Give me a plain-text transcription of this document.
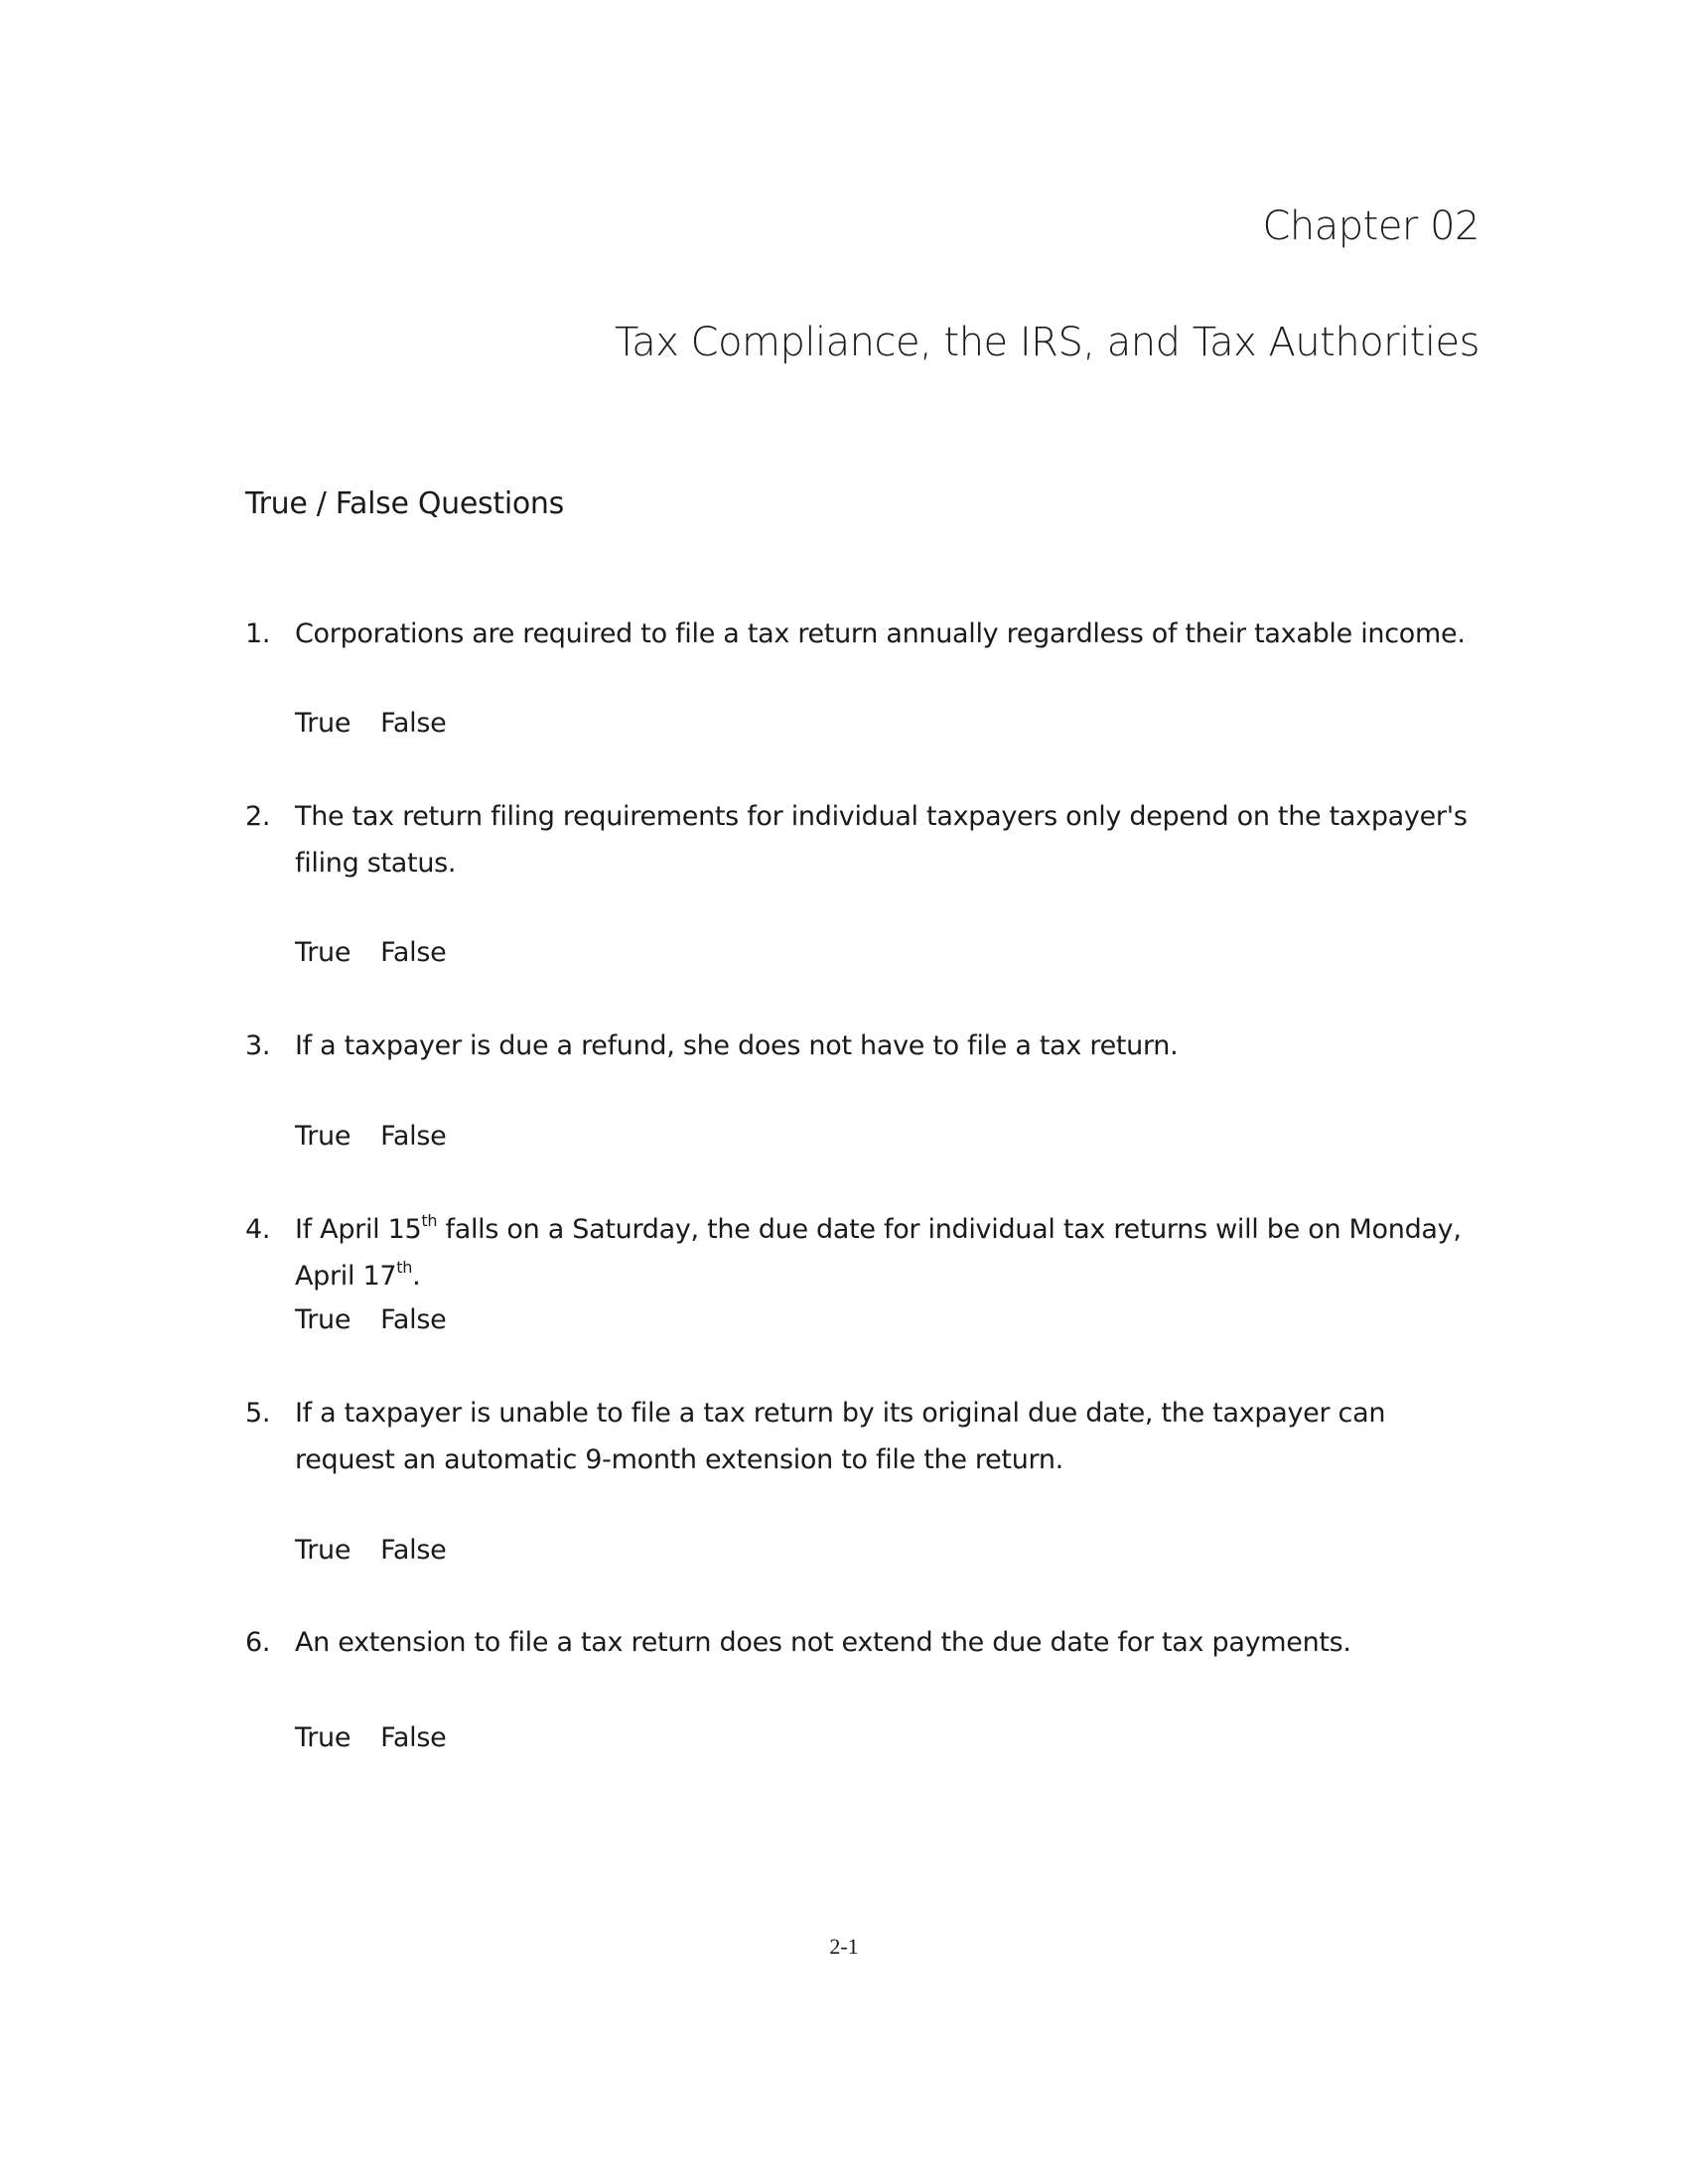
Chapter 02
Tax Compliance, the IRS, and Tax Authorities
True / False Questions
1. Corporations are required to file a tax return annually regardless of their taxable income.
True False
2. The tax return filing requirements for individual taxpayers only depend on the taxpayer's filing status.
True False
3. If a taxpayer is due a refund, she does not have to file a tax return.
True False
4. If April 15th falls on a Saturday, the due date for individual tax returns will be on Monday, April 17th.
True False
5. If a taxpayer is unable to file a tax return by its original due date, the taxpayer can request an automatic 9-month extension to file the return.
True False
6. An extension to file a tax return does not extend the due date for tax payments.
True False
2-1
